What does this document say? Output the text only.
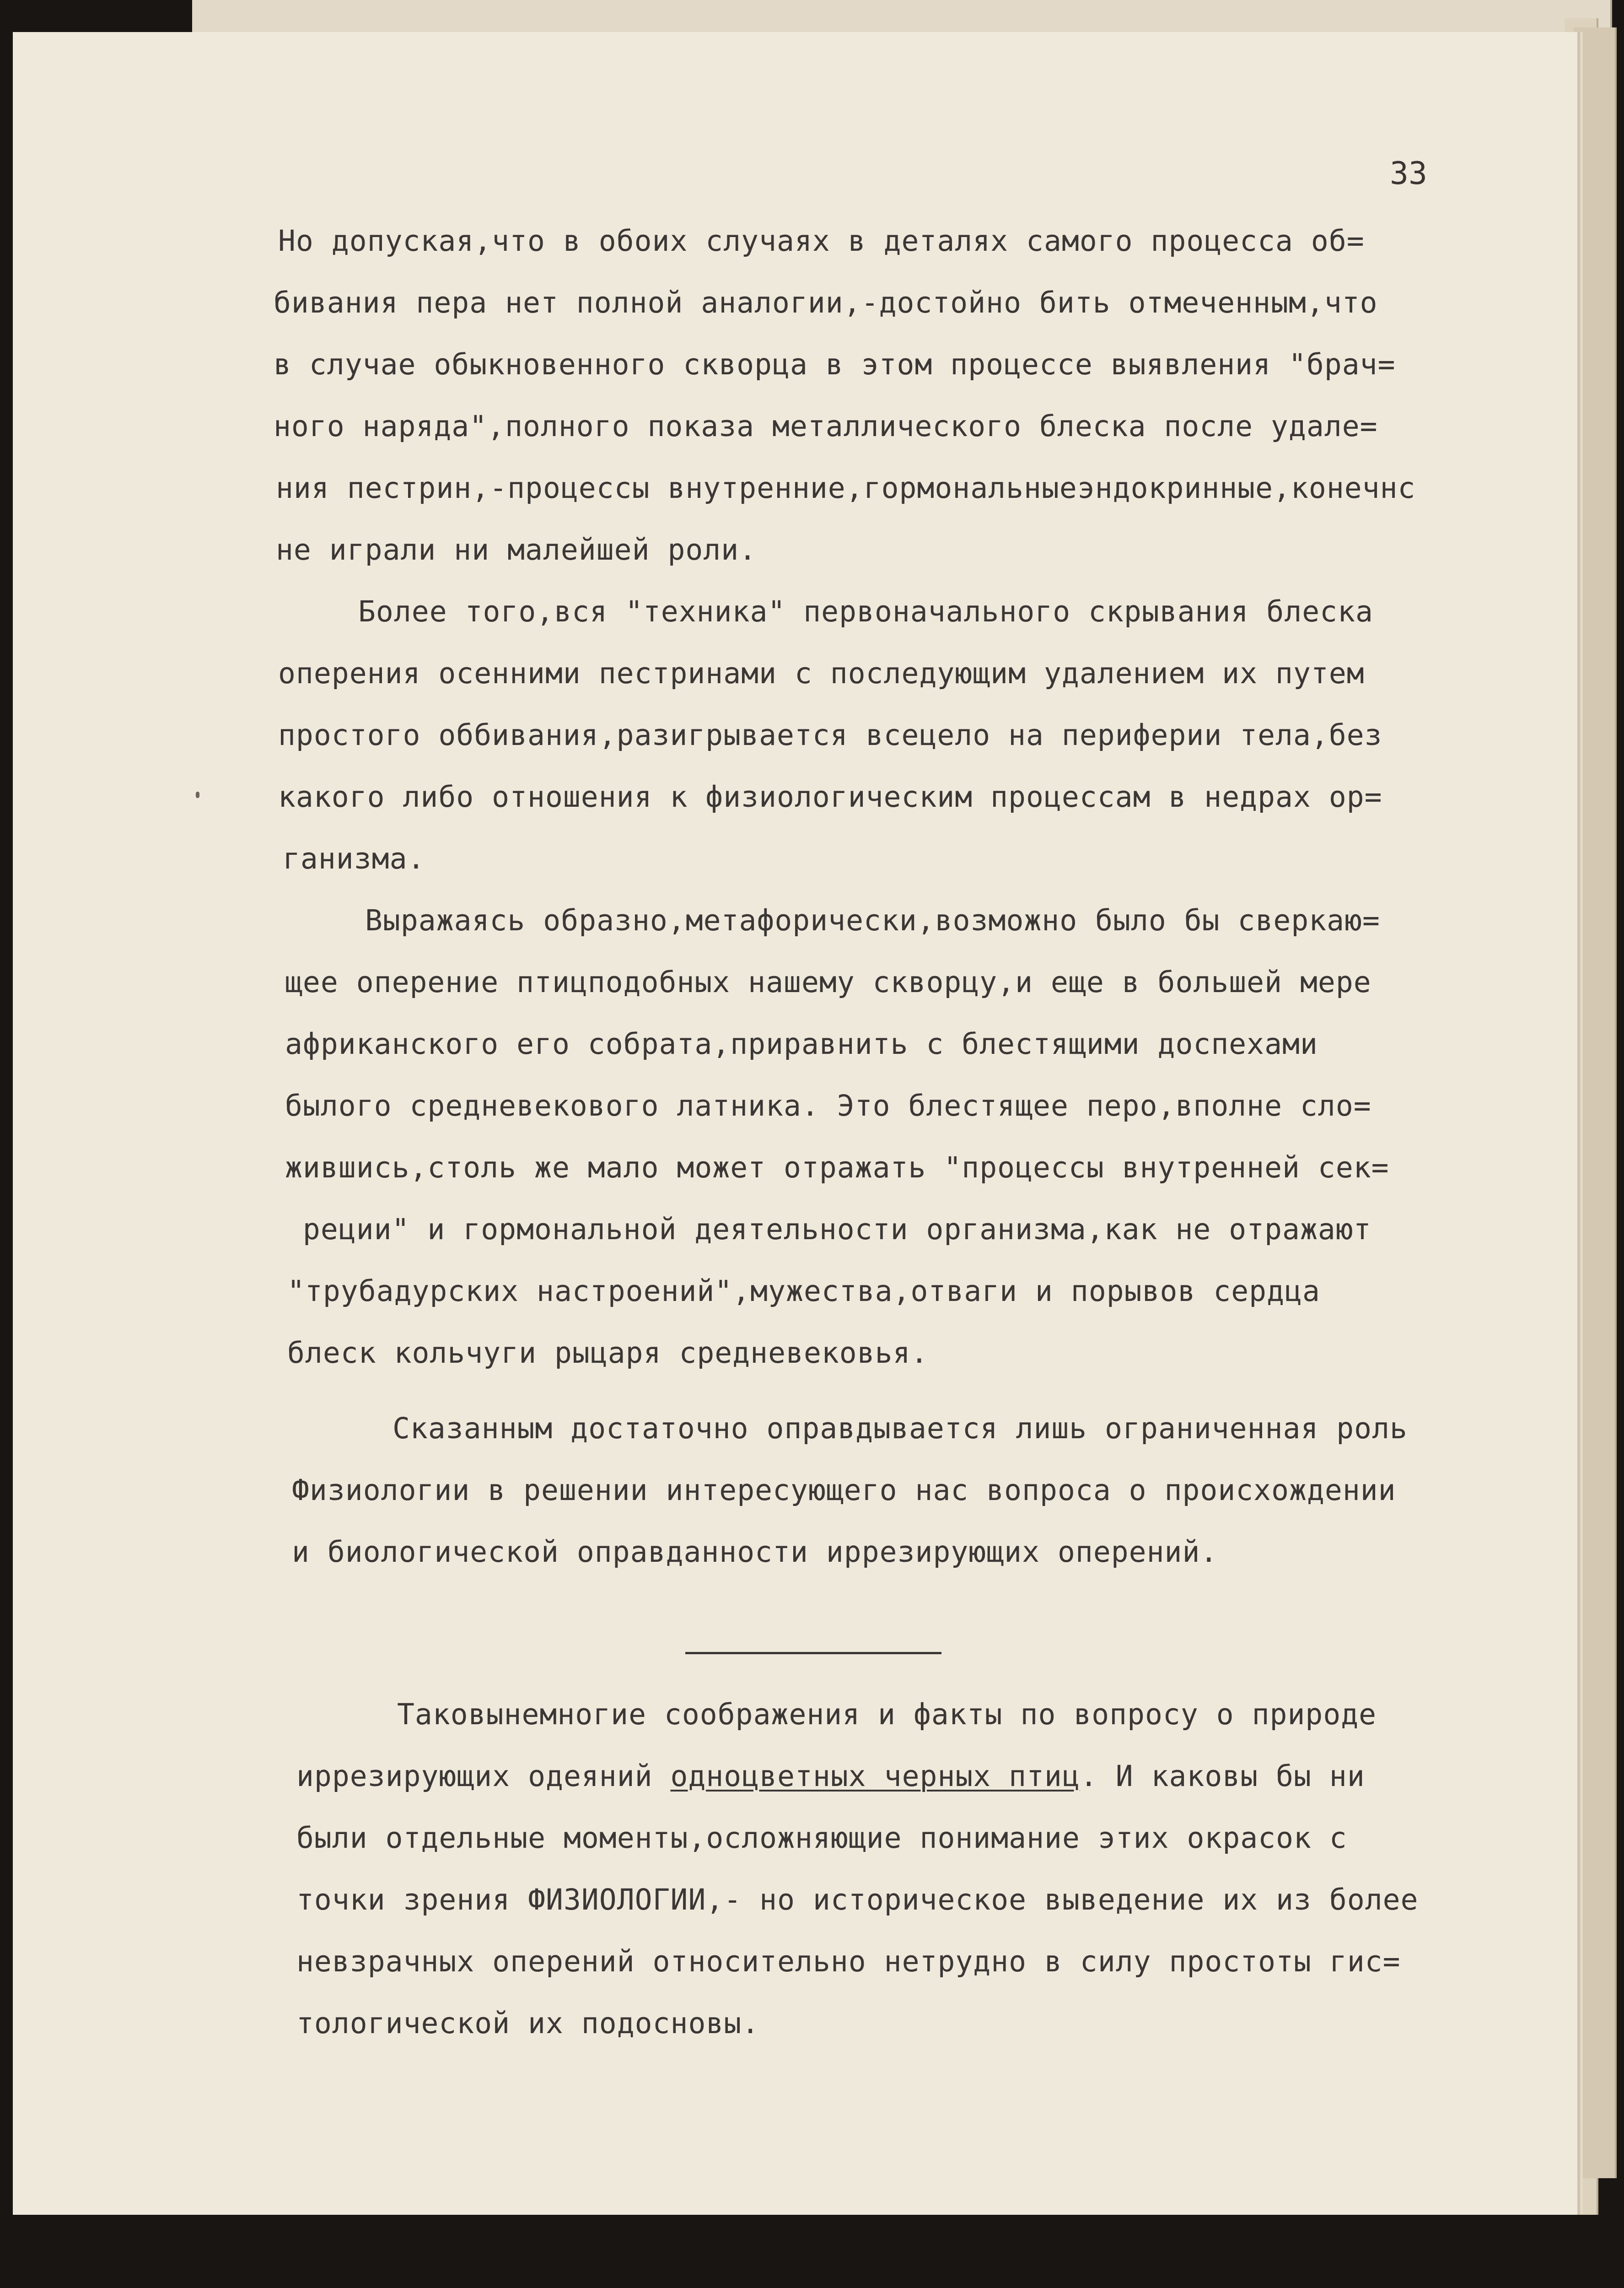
33
Но допуская,что в обоих случаях в деталях самого процесса об=
бивания пера нет полной аналогии,-достойно бить отмеченным,что
в случае обыкновенного скворца в этом процессе выявления "брач=
ного наряда",полного показа металлического блеска после удале=
ния пестрин,-процессы внутренние,гормональныеэндокринные,конечнс
не играли ни малейшей роли.
Более того,вся "техника" первоначального скрывания блеска
оперения осенними пестринами с последующим удалением их путем
простого оббивания,разигрывается всецело на периферии тела,без
какого либо отношения к физиологическим процессам в недрах ор=
ганизма.
Выражаясь образно,метафорически,возможно было бы сверкаю=
щее оперение птицподобных нашему скворцу,и еще в большей мере
африканского его собрата,приравнить с блестящими доспехами
былого средневекового латника. Это блестящее перо,вполне сло=
жившись,столь же мало может отражать "процессы внутренней сек=
реции" и гормональной деятельности организма,как не отражают
"трубадурских настроений",мужества,отваги и порывов сердца
блеск кольчуги рыцаря средневековья.
Сказанным достаточно оправдывается лишь ограниченная роль
Физиологии в решении интересующего нас вопроса о происхождении
и биологической оправданности иррезирующих оперений.
Таковынемногие соображения и факты по вопросу о природе
иррезирующих одеяний одноцветных черных птиц. И каковы бы ни
были отдельные моменты,осложняющие понимание этих окрасок с
точки зрения ФИЗИОЛОГИИ,- но историческое выведение их из более
невзрачных оперений относительно нетрудно в силу простоты гис=
тологической их подосновы.
